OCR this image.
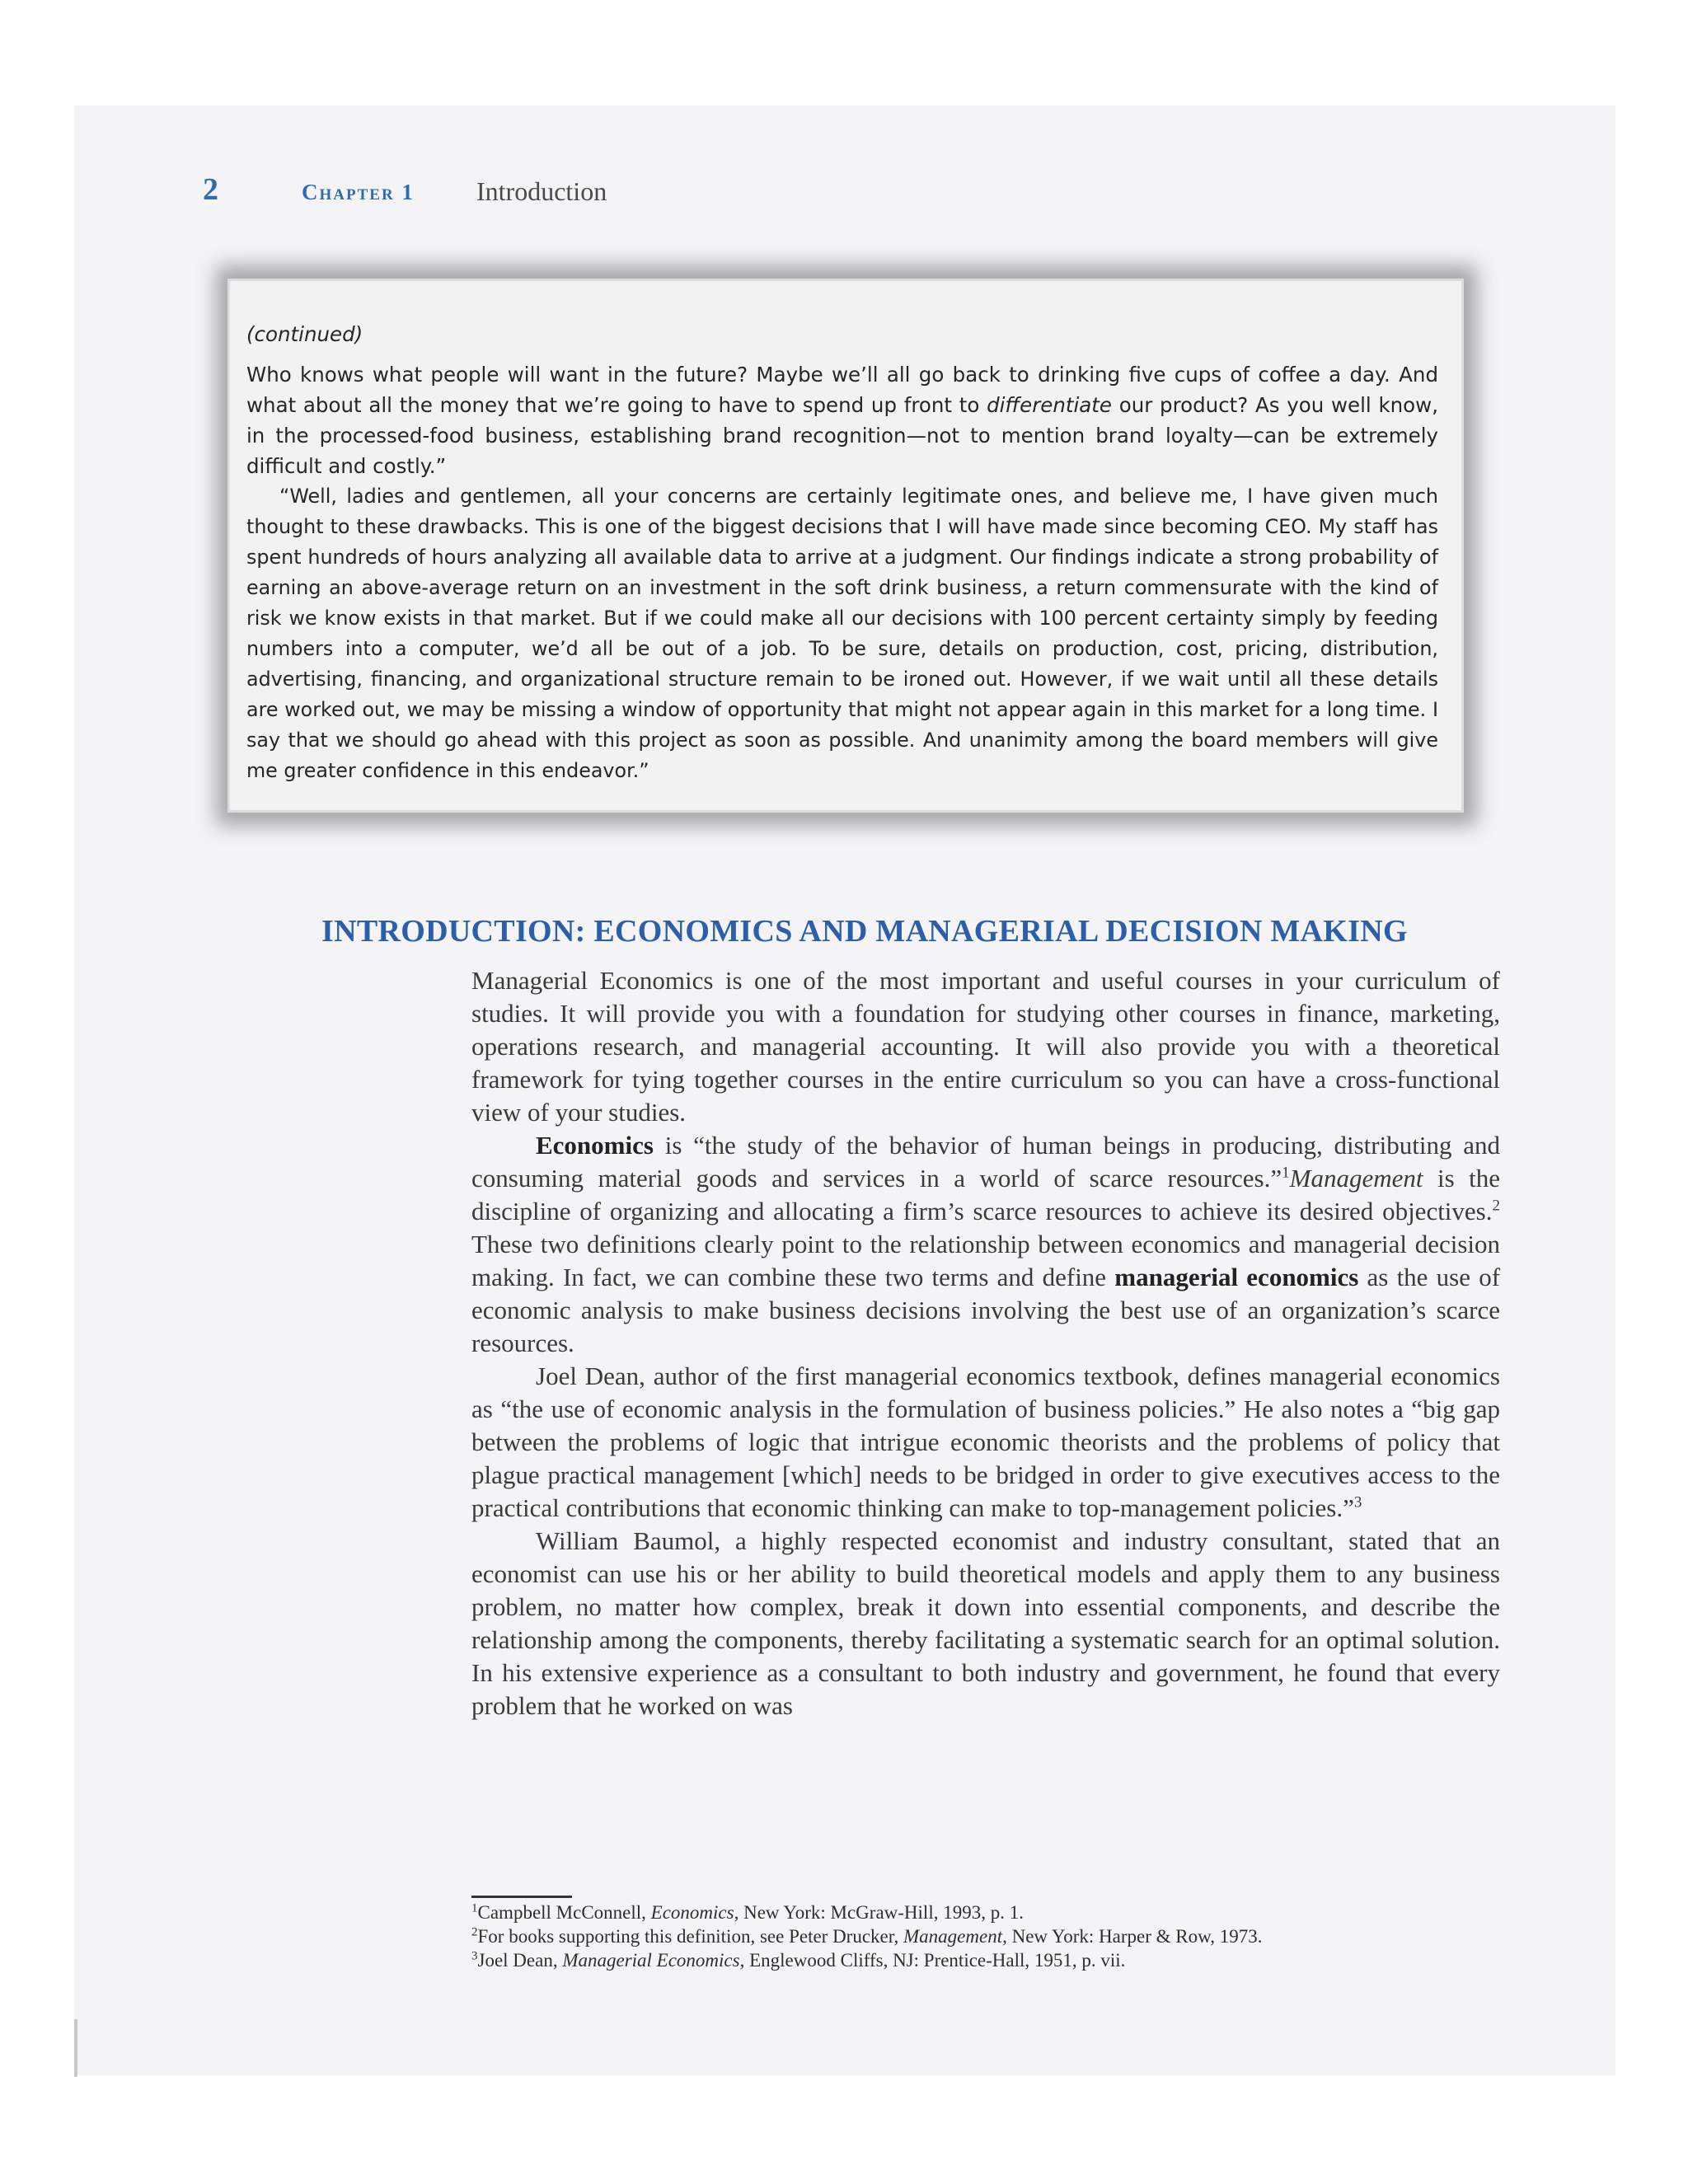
2	Chapter 1 Introduction
(continued)

Who knows what people will want in the future? Maybe we’ll all go back to drinking five cups of coffee a day. And what about all the money that we’re going to have to spend up front to differentiate our product? As you well know, in the processed-food business, establishing brand recognition—not to mention brand loyalty—can be extremely difficult and costly.”

“Well, ladies and gentlemen, all your concerns are certainly legitimate ones, and believe me, I have given much thought to these drawbacks. This is one of the biggest decisions that I will have made since becoming CEO. My staff has spent hundreds of hours analyzing all available data to arrive at a judgment. Our findings indicate a strong probability of earning an above-average return on an investment in the soft drink business, a return commensurate with the kind of risk we know exists in that market. But if we could make all our decisions with 100 percent certainty simply by feeding numbers into a computer, we’d all be out of a job. To be sure, details on production, cost, pricing, distribution, advertising, financing, and organizational structure remain to be ironed out. However, if we wait until all these details are worked out, we may be missing a window of opportunity that might not appear again in this market for a long time. I say that we should go ahead with this project as soon as possible. And unanimity among the board members will give me greater confidence in this endeavor.”

INTRODUCTION: ECONOMICS AND MANAGERIAL DECISION MAKING

Managerial Economics is one of the most important and useful courses in your curriculum of studies. It will provide you with a foundation for studying other courses in finance, marketing, operations research, and managerial accounting. It will also provide you with a theoretical framework for tying together courses in the entire curriculum so you can have a cross-functional view of your studies.

Economics is “the study of the behavior of human beings in producing, distributing and consuming material goods and services in a world of scarce resources.”$^1$Management is the discipline of organizing and allocating a firm’s scarce resources to achieve its desired objectives.$^2$ These two definitions clearly point to the relationship between economics and managerial decision making. In fact, we can combine these two terms and define managerial economics as the use of economic analysis to make business decisions involving the best use of an organization’s scarce resources.

Joel Dean, author of the first managerial economics textbook, defines managerial economics as “the use of economic analysis in the formulation of business policies.” He also notes a “big gap between the problems of logic that intrigue economic theorists and the problems of policy that plague practical management [which] needs to be bridged in order to give executives access to the practical contributions that economic thinking can make to top-management policies.”$^3$

William Baumol, a highly respected economist and industry consultant, stated that an economist can use his or her ability to build theoretical models and apply them to any business problem, no matter how complex, break it down into essential components, and describe the relationship among the components, thereby facilitating a systematic search for an optimal solution. In his extensive experience as a consultant to both industry and government, he found that every problem that he worked on was

$^1$Campbell McConnell, Economics, New York: McGraw-Hill, 1993, p. 1.
$^2$For books supporting this definition, see Peter Drucker, Management, New York: Harper & Row, 1973.
$^3$Joel Dean, Managerial Economics, Englewood Cliffs, NJ: Prentice-Hall, 1951, p. vii.
